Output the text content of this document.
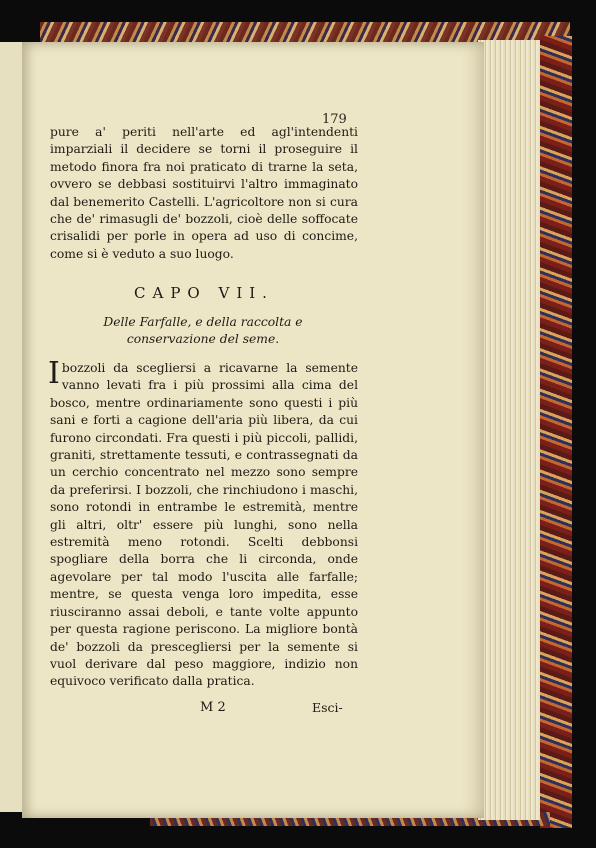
179

pure a' periti nell'arte ed agl'intendenti imparziali il decidere se torni il proseguire il metodo finora fra noi praticato di trarne la seta, ovvero se debbasi sostituirvi l'altro immaginato dal benemerito Castelli. L'agricoltore non si cura che de' rimasugli de' bozzoli, cioè delle soffocate crisalidi per porle in opera ad uso di concime, come si è veduto a suo luogo.

CAPO VII.
Delle Farfalle, e della raccolta e conservazione del seme.

Ibozzoli da scegliersi a ricavarne la semente vanno levati fra i più prossimi alla cima del bosco, mentre ordinariamente sono questi i più sani e forti a cagione dell'aria più libera, da cui furono circondati. Fra questi i più piccoli, pallidi, graniti, strettamente tessuti, e contrassegnati da un cerchio concentrato nel mezzo sono sempre da preferirsi. I bozzoli, che rinchiudono i maschi, sono rotondi in entrambe le estremità, mentre gli altri, oltr' essere più lunghi, sono nella estremità meno rotondi. Scelti debbonsi spogliare della borra che li circonda, onde agevolare per tal modo l'uscita alle farfalle; mentre, se questa venga loro impedita, esse riusciranno assai deboli, e tante volte appunto per questa ragione periscono. La migliore bontà de' bozzoli da prescegliersi per la semente si vuol derivare dal peso maggiore, indizio non equivoco verificato dalla pratica.

M 2	Esci-
